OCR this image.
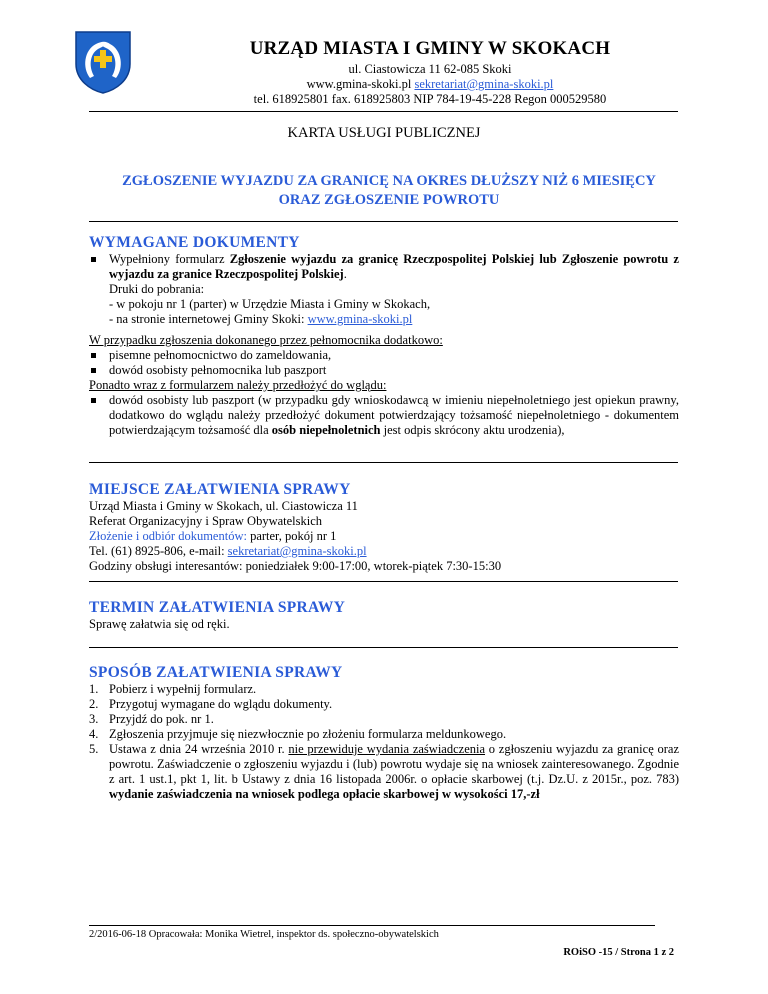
URZĄD MIASTA I GMINY W SKOKACH
ul. Ciastowicza 11 62-085 Skoki
www.gmina-skoki.pl sekretariat@gmina-skoki.pl
tel. 618925801 fax. 618925803 NIP 784-19-45-228 Regon 000529580
KARTA USŁUGI PUBLICZNEJ
ZGŁOSZENIE WYJAZDU ZA GRANICĘ NA OKRES DŁUŻSZY NIŻ 6 MIESIĘCY
ORAZ ZGŁOSZENIE POWROTU
WYMAGANE DOKUMENTY
Wypełniony formularz Zgłoszenie wyjazdu za granicę Rzeczpospolitej Polskiej lub Zgłoszenie powrotu z wyjazdu za granice Rzeczpospolitej Polskiej.
Druki do pobrania:
- w pokoju nr 1 (parter) w Urzędzie Miasta i Gminy w Skokach,
- na stronie internetowej Gminy Skoki: www.gmina-skoki.pl
W przypadku zgłoszenia dokonanego przez pełnomocnika dodatkowo:
pisemne pełnomocnictwo do zameldowania,
dowód osobisty pełnomocnika lub paszport
Ponadto wraz z formularzem należy przedłożyć do wglądu:
dowód osobisty lub paszport (w przypadku gdy wnioskodawcą w imieniu niepełnoletniego jest opiekun prawny, dodatkowo do wglądu należy przedłożyć dokument potwierdzający tożsamość niepełnoletniego - dokumentem potwierdzającym tożsamość dla osób niepełnoletnich jest odpis skrócony aktu urodzenia),
MIEJSCE ZAŁATWIENIA SPRAWY
Urząd Miasta i Gminy w Skokach, ul. Ciastowicza 11
Referat Organizacyjny i Spraw Obywatelskich
Złożenie i odbiór dokumentów: parter, pokój nr 1
Tel. (61) 8925-806, e-mail: sekretariat@gmina-skoki.pl
Godziny obsługi interesantów: poniedziałek 9:00-17:00, wtorek-piątek 7:30-15:30
TERMIN ZAŁATWIENIA SPRAWY
Sprawę załatwia się od ręki.
SPOSÓB ZAŁATWIENIA SPRAWY
1. Pobierz i wypełnij formularz.
2. Przygotuj wymagane do wglądu dokumenty.
3. Przyjdź do pok. nr 1.
4. Zgłoszenia przyjmuje się niezwłocznie po złożeniu formularza meldunkowego.
5. Ustawa z dnia 24 września 2010 r. nie przewiduje wydania zaświadczenia o zgłoszeniu wyjazdu za granicę oraz powrotu. Zaświadczenie o zgłoszeniu wyjazdu i (lub) powrotu wydaje się na wniosek zainteresowanego. Zgodnie z art. 1 ust.1, pkt 1, lit. b Ustawy z dnia 16 listopada 2006r. o opłacie skarbowej (t.j. Dz.U. z 2015r., poz. 783) wydanie zaświadczenia na wniosek podlega opłacie skarbowej w wysokości 17,-zł
2/2016-06-18 Opracowała: Monika Wietrel, inspektor ds. społeczno-obywatelskich
ROiSO -15 / Strona 1 z 2
